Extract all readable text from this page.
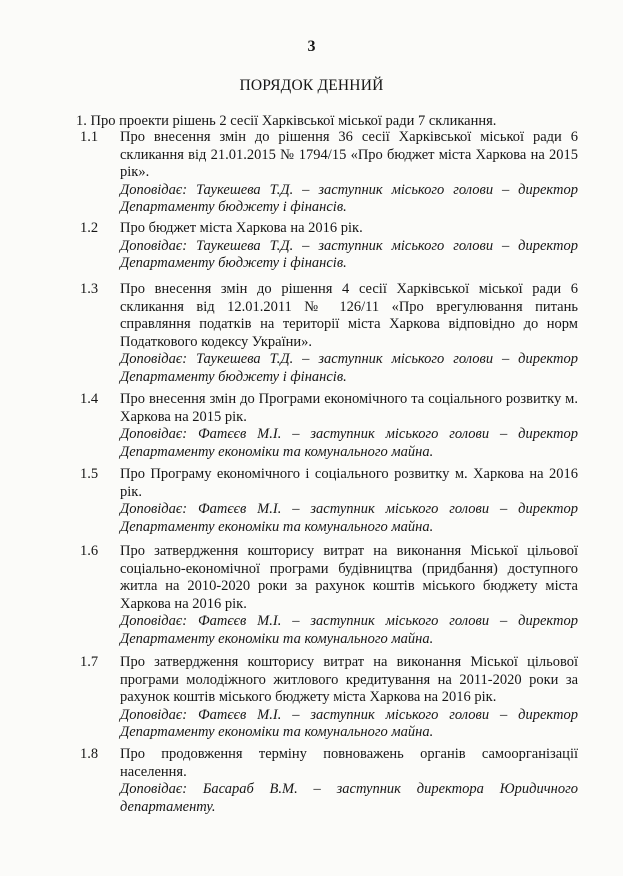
3
ПОРЯДОК ДЕННИЙ
1. Про проекти рішень 2 сесії Харківської міської ради 7 скликання.
1.1	Про внесення змін до рішення 36 сесії Харківської міської ради 6 скликання від 21.01.2015 № 1794/15 «Про бюджет міста Харкова на 2015 рік».
Доповідає: Таукешева Т.Д. – заступник міського голови – директор Департаменту бюджету і фінансів.
1.2	Про бюджет міста Харкова на 2016 рік.
Доповідає: Таукешева Т.Д. – заступник міського голови – директор Департаменту бюджету і фінансів.
1.3	Про внесення змін до рішення 4 сесії Харківської міської ради 6 скликання від 12.01.2011 № 126/11 «Про врегулювання питань справляння податків на території міста Харкова відповідно до норм Податкового кодексу України».
Доповідає: Таукешева Т.Д. – заступник міського голови – директор Департаменту бюджету і фінансів.
1.4	Про внесення змін до Програми економічного та соціального розвитку м. Харкова на 2015 рік.
Доповідає: Фатєєв М.І. – заступник міського голови – директор Департаменту економіки та комунального майна.
1.5	Про Програму економічного і соціального розвитку м. Харкова на 2016 рік.
Доповідає: Фатєєв М.І. – заступник міського голови – директор Департаменту економіки та комунального майна.
1.6	Про затвердження кошторису витрат на виконання Міської цільової соціально-економічної програми будівництва (придбання) доступного житла на 2010-2020 роки за рахунок коштів міського бюджету міста Харкова на 2016 рік.
Доповідає: Фатєєв М.І. – заступник міського голови – директор Департаменту економіки та комунального майна.
1.7	Про затвердження кошторису витрат на виконання Міської цільової програми молодіжного житлового кредитування на 2011-2020 роки за рахунок коштів міського бюджету міста Харкова на 2016 рік.
Доповідає: Фатєєв М.І. – заступник міського голови – директор Департаменту економіки та комунального майна.
1.8	Про продовження терміну повноважень органів самоорганізації населення.
Доповідає: Басараб В.М. – заступник директора Юридичного департаменту.
